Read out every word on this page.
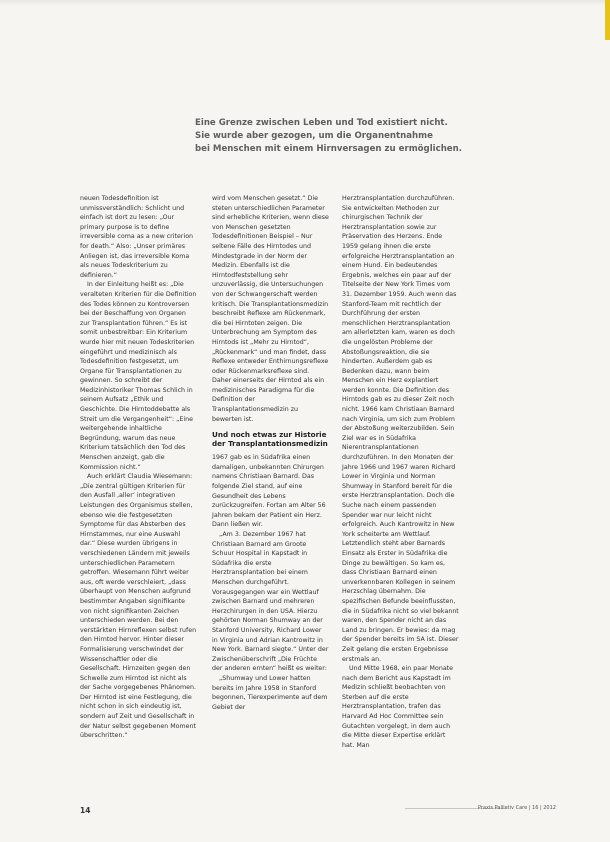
Eine Grenze zwischen Leben und Tod existiert nicht.
Sie wurde aber gezogen, um die Organentnahme
bei Menschen mit einem Hirnversagen zu ermöglichen.

neuen Todesdefinition ist unmissverständlich: Schlicht und einfach ist dort zu lesen: „Our primary purpose is to define irreversible coma as a new criterion for death.“ Also: „Unser primäres Anliegen ist, das irreversible Koma als neues Todeskriterium zu definieren.“

In der Einleitung heißt es: „Die veralteten Kriterien für die Definition des Todes können zu Kontroversen bei der Beschaffung von Organen zur Transplantation führen.“ Es ist somit unbestreitbar: Ein Kriterium wurde hier mit neuen Todeskriterien eingeführt und medizinisch als Todesdefinition festgesetzt, um Organe für Transplantationen zu gewinnen. So schreibt der Medizinhistoriker Thomas Schlich in seinem Aufsatz „Ethik und Geschichte. Die Hirntoddebatte als Streit um die Vergangenheit“: „Eine weitergehende inhaltliche Begründung, warum das neue Kriterium tatsächlich den Tod des Menschen anzeigt, gab die Kommission nicht.“

Auch erklärt Claudia Wiesemann: „Die zentral gültigen Kriterien für den Ausfall ‚aller‘ integrativen Leistungen des Organismus stellen, ebenso wie die festgesetzten Symptome für das Absterben des Hirnstammes, nur eine Auswahl dar.“ Diese wurden übrigens in verschiedenen Ländern mit jeweils unterschiedlichen Parametern getroffen. Wiesemann führt weiter aus, oft werde verschleiert, „dass überhaupt von Menschen aufgrund bestimmter Angaben signifikante von nicht signifikanten Zeichen unterschieden werden. Bei den verstärkten Hirnreflexen selbst rufen den Hirntod hervor. Hinter dieser Formalisierung verschwindet der Wissenschaftler oder die Gesellschaft. Hirnzeiten gegen den Schwelle zum Hirntod ist nicht als der Sache vorgegebenes Phänomen. Der Hirntod ist eine Festlegung, die nicht schon in sich eindeutig ist, sondern auf Zeit und Gesellschaft in der Natur selbst gegebenen Moment überschritten.“

wird vom Menschen gesetzt.“ Die steten unterschiedlichen Parameter sind erhebliche Kriterien, wenn diese von Menschen gesetzten Todesdefinitionen Beispiel – Nur seltene Fälle des Hirntodes und Mindestgrade in der Norm der Medizin. Ebenfalls ist die Hirntodfeststellung sehr unzuverlässig, die Untersuchungen von der Schwangerschaft werden kritisch. Die Transplantationsmedizin beschreibt Reflexe am Rückenmark, die bei Hirntoten zeigen. Die Unterbrechung am Symptom des Hirntods ist „Mehr zu Hirntod“, „Rückenmark“ und man findet, dass Reflexe entweder Enthirnungsreflexe oder Rückenmarksreflexe sind. Daher einerseits der Hirntod als ein medizinisches Paradigma für die Definition der Transplantationsmedizin zu bewerten ist.

Und noch etwas zur Historie der Transplantationsmedizin

1967 gab es in Südafrika einen damaligen, unbekannten Chirurgen namens Christiaan Barnard. Das folgende Ziel stand, auf eine Gesundheit des Lebens zurückzugreifen. Fortan am Alter 56 Jahren bekam der Patient ein Herz. Dann ließen wir.

„Am 3. Dezember 1967 hat Christiaan Barnard am Groote Schuur Hospital in Kapstadt in Südafrika die erste Herztransplantation bei einem Menschen durchgeführt. Vorausgegangen war ein Wettlauf zwischen Barnard und mehreren Herzchirurgen in den USA. Hierzu gehörten Norman Shumway an der Stanford University, Richard Lower in Virginia und Adrian Kantrowitz in New York. Barnard siegte.“ Unter der Zwischenüberschrift „Die Früchte der anderen ernten“ heißt es weiter:

„Shumway und Lower hatten bereits im Jahre 1958 in Stanford begonnen, Tierexperimente auf dem Gebiet der

Herztransplantation durchzuführen. Sie entwickelten Methoden zur chirurgischen Technik der Herztransplantation sowie zur Präservation des Herzens. Ende 1959 gelang ihnen die erste erfolgreiche Herztransplantation an einem Hund. Ein bedeutendes Ergebnis, welches ein paar auf der Titelseite der New York Times vom 31. Dezember 1959. Auch wenn das Stanford-Team mit rechtlich der Durchführung der ersten menschlichen Herztransplantation am allerletzten kam, waren es doch die ungelösten Probleme der Abstoßungsreaktion, die sie hinderten. Außerdem gab es Bedenken dazu, wann beim Menschen ein Herz explantiert werden konnte. Die Definition des Hirntods gab es zu dieser Zeit noch nicht. 1966 kam Christiaan Barnard nach Virginia, um sich zum Problem der Abstoßung weiterzubilden. Sein Ziel war es in Südafrika Nierentransplantationen durchzuführen. In den Monaten der Jahre 1966 und 1967 waren Richard Lower in Virginia und Norman Shumway in Stanford bereit für die erste Herztransplantation. Doch die Suche nach einem passenden Spender war nur leicht nicht erfolgreich. Auch Kantrowitz in New York scheiterte am Wettlauf. Letztendlich steht aber Barnards Einsatz als Erster in Südafrika die Dinge zu bewältigen. So kam es, dass Christiaan Barnard einen unverkennbaren Kollegen in seinem Herzschlag übernahm. Die spezifischen Befunde beeinflussten, die in Südafrika nicht so viel bekannt waren, den Spender nicht an das Land zu bringen. Er bewies: da mag der Spender bereits im SA ist. Dieser Zeit gelang die ersten Ergebnisse erstmals an.

Und Mitte 1968, ein paar Monate nach dem Bericht aus Kapstadt im Medizin schließt beobachten von Sterben auf die erste Herztransplantation, trafen das Harvard Ad Hoc Committee sein Gutachten vorgelegt, in dem auch die Mitte dieser Expertise erklärt hat. Man

14	Praxis Palliativ Care | 16 | 2012
